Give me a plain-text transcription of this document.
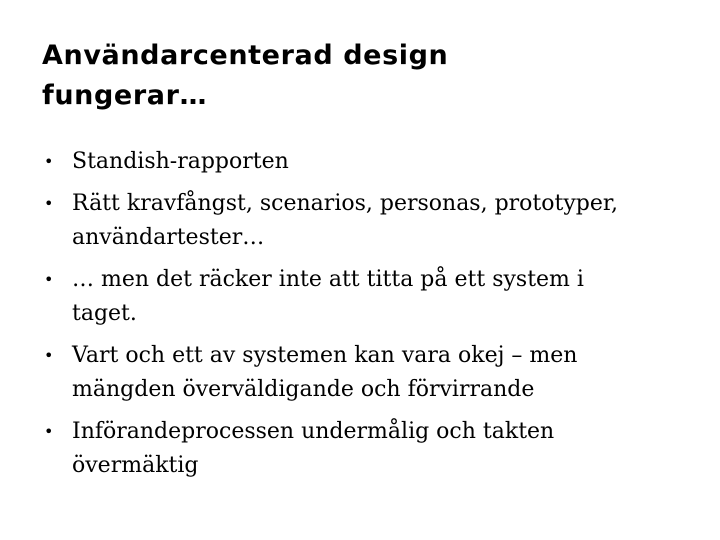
Användarcenterad design
fungerar…
• Standish-rapporten
• Rätt kravfångst, scenarios, personas, prototyper, användartester…
• … men det räcker inte att titta på ett system i taget.
• Vart och ett av systemen kan vara okej – men mängden överväldigande och förvirrande
• Införandeprocessen undermålig och takten övermäktig
